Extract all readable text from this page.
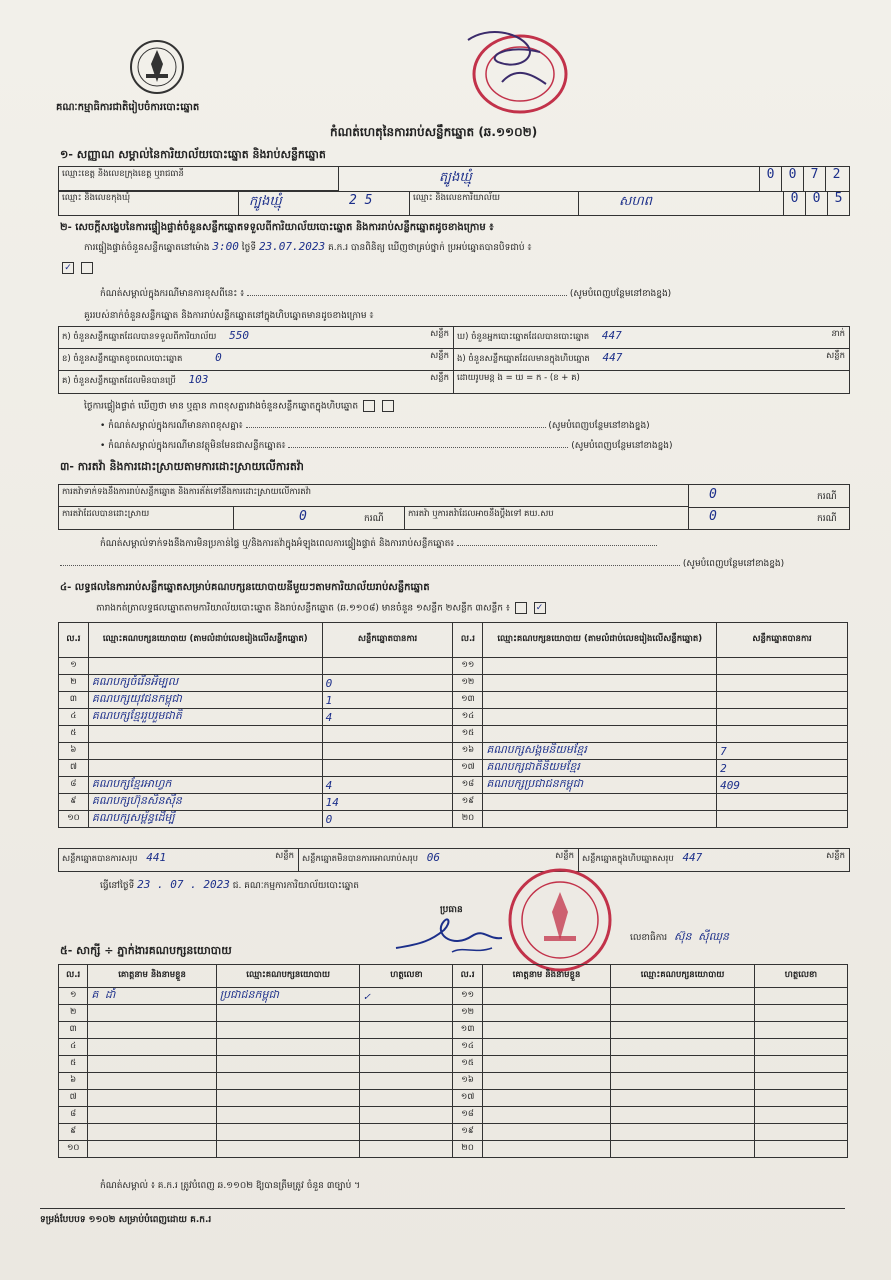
គណៈកម្មាធិការជាតិរៀបចំការបោះឆ្នោត
កំណត់ហេតុនៃការរាប់សន្លឹកឆ្នោត (ឆ.១១០២)
១- សញ្ញាណ សម្គាល់នៃការិយាល័យបោះឆ្នោត និងរាប់សន្លឹកឆ្នោត
ឈ្មោះខេត្ត និងលេខក្រុងខេត្ត ឬរាជធានី	ត្បូងឃ្មុំ	0	0	7	2
ឈ្មោះ និងលេខកុងឃុំ	ក្បូងឃ្មុំ	2 5	ឈ្មោះ និងលេខការិយាល័យ	សហព	0	0	5
២- សេចក្តីសង្ខេបនៃការផ្ទៀងផ្ទាត់ចំនួនសន្លឹកឆ្នោតទទួលពីការិយាល័យបោះឆ្នោត និងការរាប់សន្លឹកឆ្នោតដូចខាងក្រោម ៖
ការផ្ទៀងផ្ទាត់ចំនួនសន្លឹកឆ្នោតនៅម៉ោង 3:00 ថ្ងៃទី 23.07.2023 គ.ក.រ បានពិនិត្យ ឃើញថាគ្រប់ថ្នាក់ ប្រអប់ឆ្នោតបានបិទជាប់ ៖
✓
កំណត់សម្គាល់ក្នុងករណីមានការខុសពីនេះ ៖	(សូមបំពេញបន្ថែមនៅខាងខ្នង)
គួររបស់នាក់ចំនួនសន្លឹកឆ្នោត និងការរាប់សន្លឹកឆ្នោតនៅក្នុងហិបឆ្នោតមានដូចខាងក្រោម ៖
ក) ចំនួនសន្លឹកឆ្នោតដែលបានទទួលពីការិយាល័យ 550	សន្លឹក ឃ) ចំនួនអ្នកបោះឆ្នោតដែលបានបោះឆ្នោត 447	នាក់
ខ) ចំនួនសន្លឹកឆ្នោតខូចពេលបោះឆ្នោត	0	សន្លឹក ង) ចំនួនសន្លឹកឆ្នោតដែលមានក្នុងហិបឆ្នោត 447	សន្លឹក
គ) ចំនួនសន្លឹកឆ្នោតដែលមិនបានប្រើ 103	សន្លឹក ដោយរូបមន្ត ង = ឃ = ក - (ខ + គ)
ថ្ងៃការផ្ទៀងផ្ទាត់ ឃើញថា មាន ឬគ្មាន ភាពខុសគ្នារវាងចំនួនសន្លឹកឆ្នោតក្នុងហិបឆ្នោត
• កំណត់សម្គាល់ក្នុងករណីមានភាពខុសគ្នា៖	(សូមបំពេញបន្ថែមនៅខាងខ្នង)
• កំណត់សម្គាល់ក្នុងករណីមានវត្ថុមិនមែនជាសន្លឹកឆ្នោត៖	(សូមបំពេញបន្ថែមនៅខាងខ្នង)
៣- ការតវ៉ា និងការដោះស្រាយតាមការដោះស្រាយលើការតវ៉ា
ការតវ៉ាទាក់ទងនឹងការរាប់សន្លឹកឆ្នោត និងការត័ត់ទៅនឹងការដោះស្រាយលើការតវ៉ា	0	ករណី
ការតវ៉ាដែលបានដោះស្រាយ	0	ករណី	ការតវ៉ា ឬការតវ៉ាដែលអាចនឹងប្តឹងទៅ គឃ.សប	0	ករណី
កំណត់សម្គាល់ទាក់ទងនឹងការមិនប្រកាន់ផ្ទៃ ឬ/និងការតវ៉ាក្នុងអំឡុងពេលការផ្ទៀងផ្ទាត់ និងការរាប់សន្លឹកឆ្នោត៖
(សូមបំពេញបន្ថែមនៅខាងខ្នង)
៤- លទ្ធផលនៃការរាប់សន្លឹកឆ្នោតសម្រាប់គណបក្សនយោបាយនីមួយៗតាមការិយាល័យរាប់សន្លឹកឆ្នោត
តារាងកត់ត្រាលទ្ធផលឆ្នោតតាមការិយាល័យបោះឆ្នោត និងរាប់សន្លឹកឆ្នោត (ឆ.១១០៨) មានចំនួន ១សន្លឹក ២សន្លឹក ៣សន្លឹក ៖	✓
ល.រ	ឈ្មោះគណបក្សនយោបាយ (តាមលំដាប់លេខរៀងលើសន្លឹកឆ្នោត)	សន្លឹកឆ្នោតបានការ	ល.រ	ឈ្មោះគណបក្សនយោបាយ (តាមលំដាប់លេខរៀងលើសន្លឹកឆ្នោត)	សន្លឹកឆ្នោតបានការ
១			១១		
២	គណបក្សចំរើនអិម្បល	0	១២		
៣	គណបក្សយុវជនកម្ពុជា	1	១៣		
៤	គណបក្សខ្មែររួបរួមជាតិ	4	១៤		
៥			១៥		
៦			១៦	គណបក្សសង្គមនិយមខ្មែរ	7
៧			១៧	គណបក្សជាតិនិយមខ្មែរ	2
៨	គណបក្សខ្មែរអាហ្វក	4	១៨	គណបក្សប្រជាជនកម្ពុជា	409
៩	គណបក្សហ៊ុនសិនស៊ីន	14	១៩		
១០	គណបក្សសម្ព័ន្ធដើម្បី	0	២០		
សន្លឹកឆ្នោតបានការសរុប 441	សន្លឹក សន្លឹកឆ្នោតមិនបានការអោលរាប់សរុប 06	សន្លឹក សន្លឹកឆ្នោតក្នុងហិបឆ្នោតសរុប 447	សន្លឹក
ធ្វើនៅថ្ងៃទី 23 . 07 . 2023 ជ. គណៈកម្មការការិយាល័យបោះឆ្នោត
ប្រធាន
លេខាធិការ ស៊ុន ស៊ីឈុន
៥- សាក្សី ÷ ភ្នាក់ងារគណបក្សនយោបាយ
ល.រ	គោត្តនាម និងនាមខ្លួន	ឈ្មោះគណបក្សនយោបាយ	ហត្ថលេខា	ល.រ	គោត្តនាម និងនាមខ្លួន	ឈ្មោះគណបក្សនយោបាយ	ហត្ថលេខា
១	គ ដាំ	ប្រជាជនកម្ពុជា	✓	១១			
២				១២			
៣				១៣			
៤				១៤			
៥				១៥			
៦				១៦			
៧				១៧			
៨				១៨			
៩				១៩			
១០				២០			
កំណត់សម្គាល់ ៖ គ.ក.រ ត្រូវបំពេញ ឆ.១១០២ ឱ្យបានត្រឹមត្រូវ ចំនួន ៣ច្បាប់ ។
ទម្រង់បែបបទ ១១០២ សម្រាប់បំពេញដោយ គ.ក.រ
